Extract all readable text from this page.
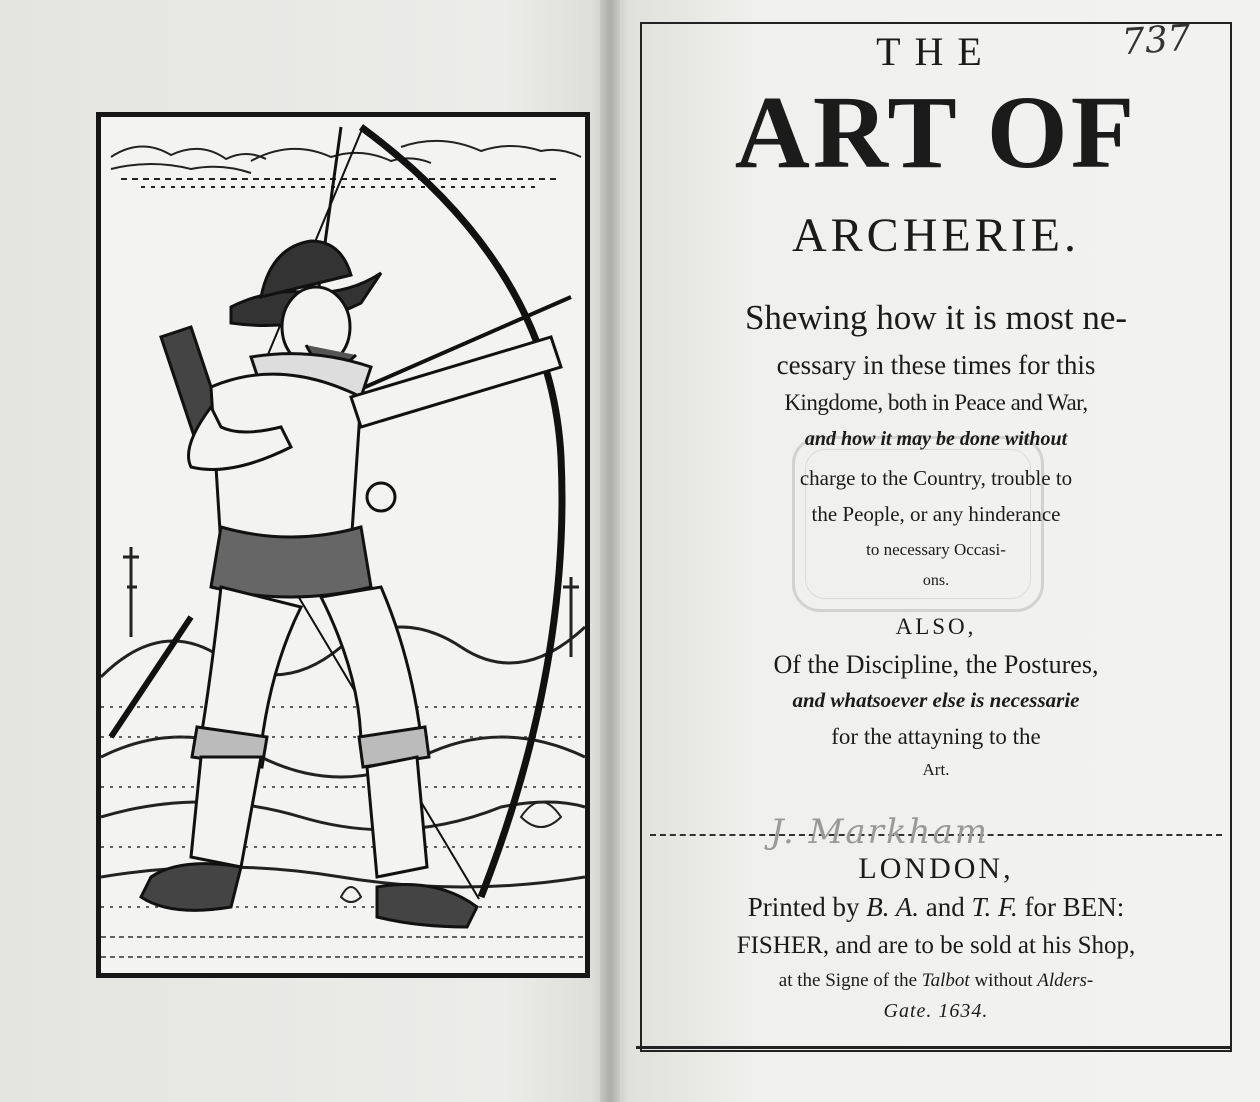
737
THE
ART OF
ARCHERIE.
Shewing how it is most ne-
cessary in these times for this
Kingdome, both in Peace and War,
and how it may be done without
charge to the Country, trouble to
the People, or any hinderance
to necessary Occasi-
ons.
ALSO,
Of the Discipline, the Postures,
and whatsoever else is necessarie
for the attayning to the
Art.
LONDON,
Printed by B. A. and T. F. for BEN:
FISHER, and are to be sold at his Shop,
at the Signe of the Talbot without Alders-
Gate. 1634.
J. Markham
